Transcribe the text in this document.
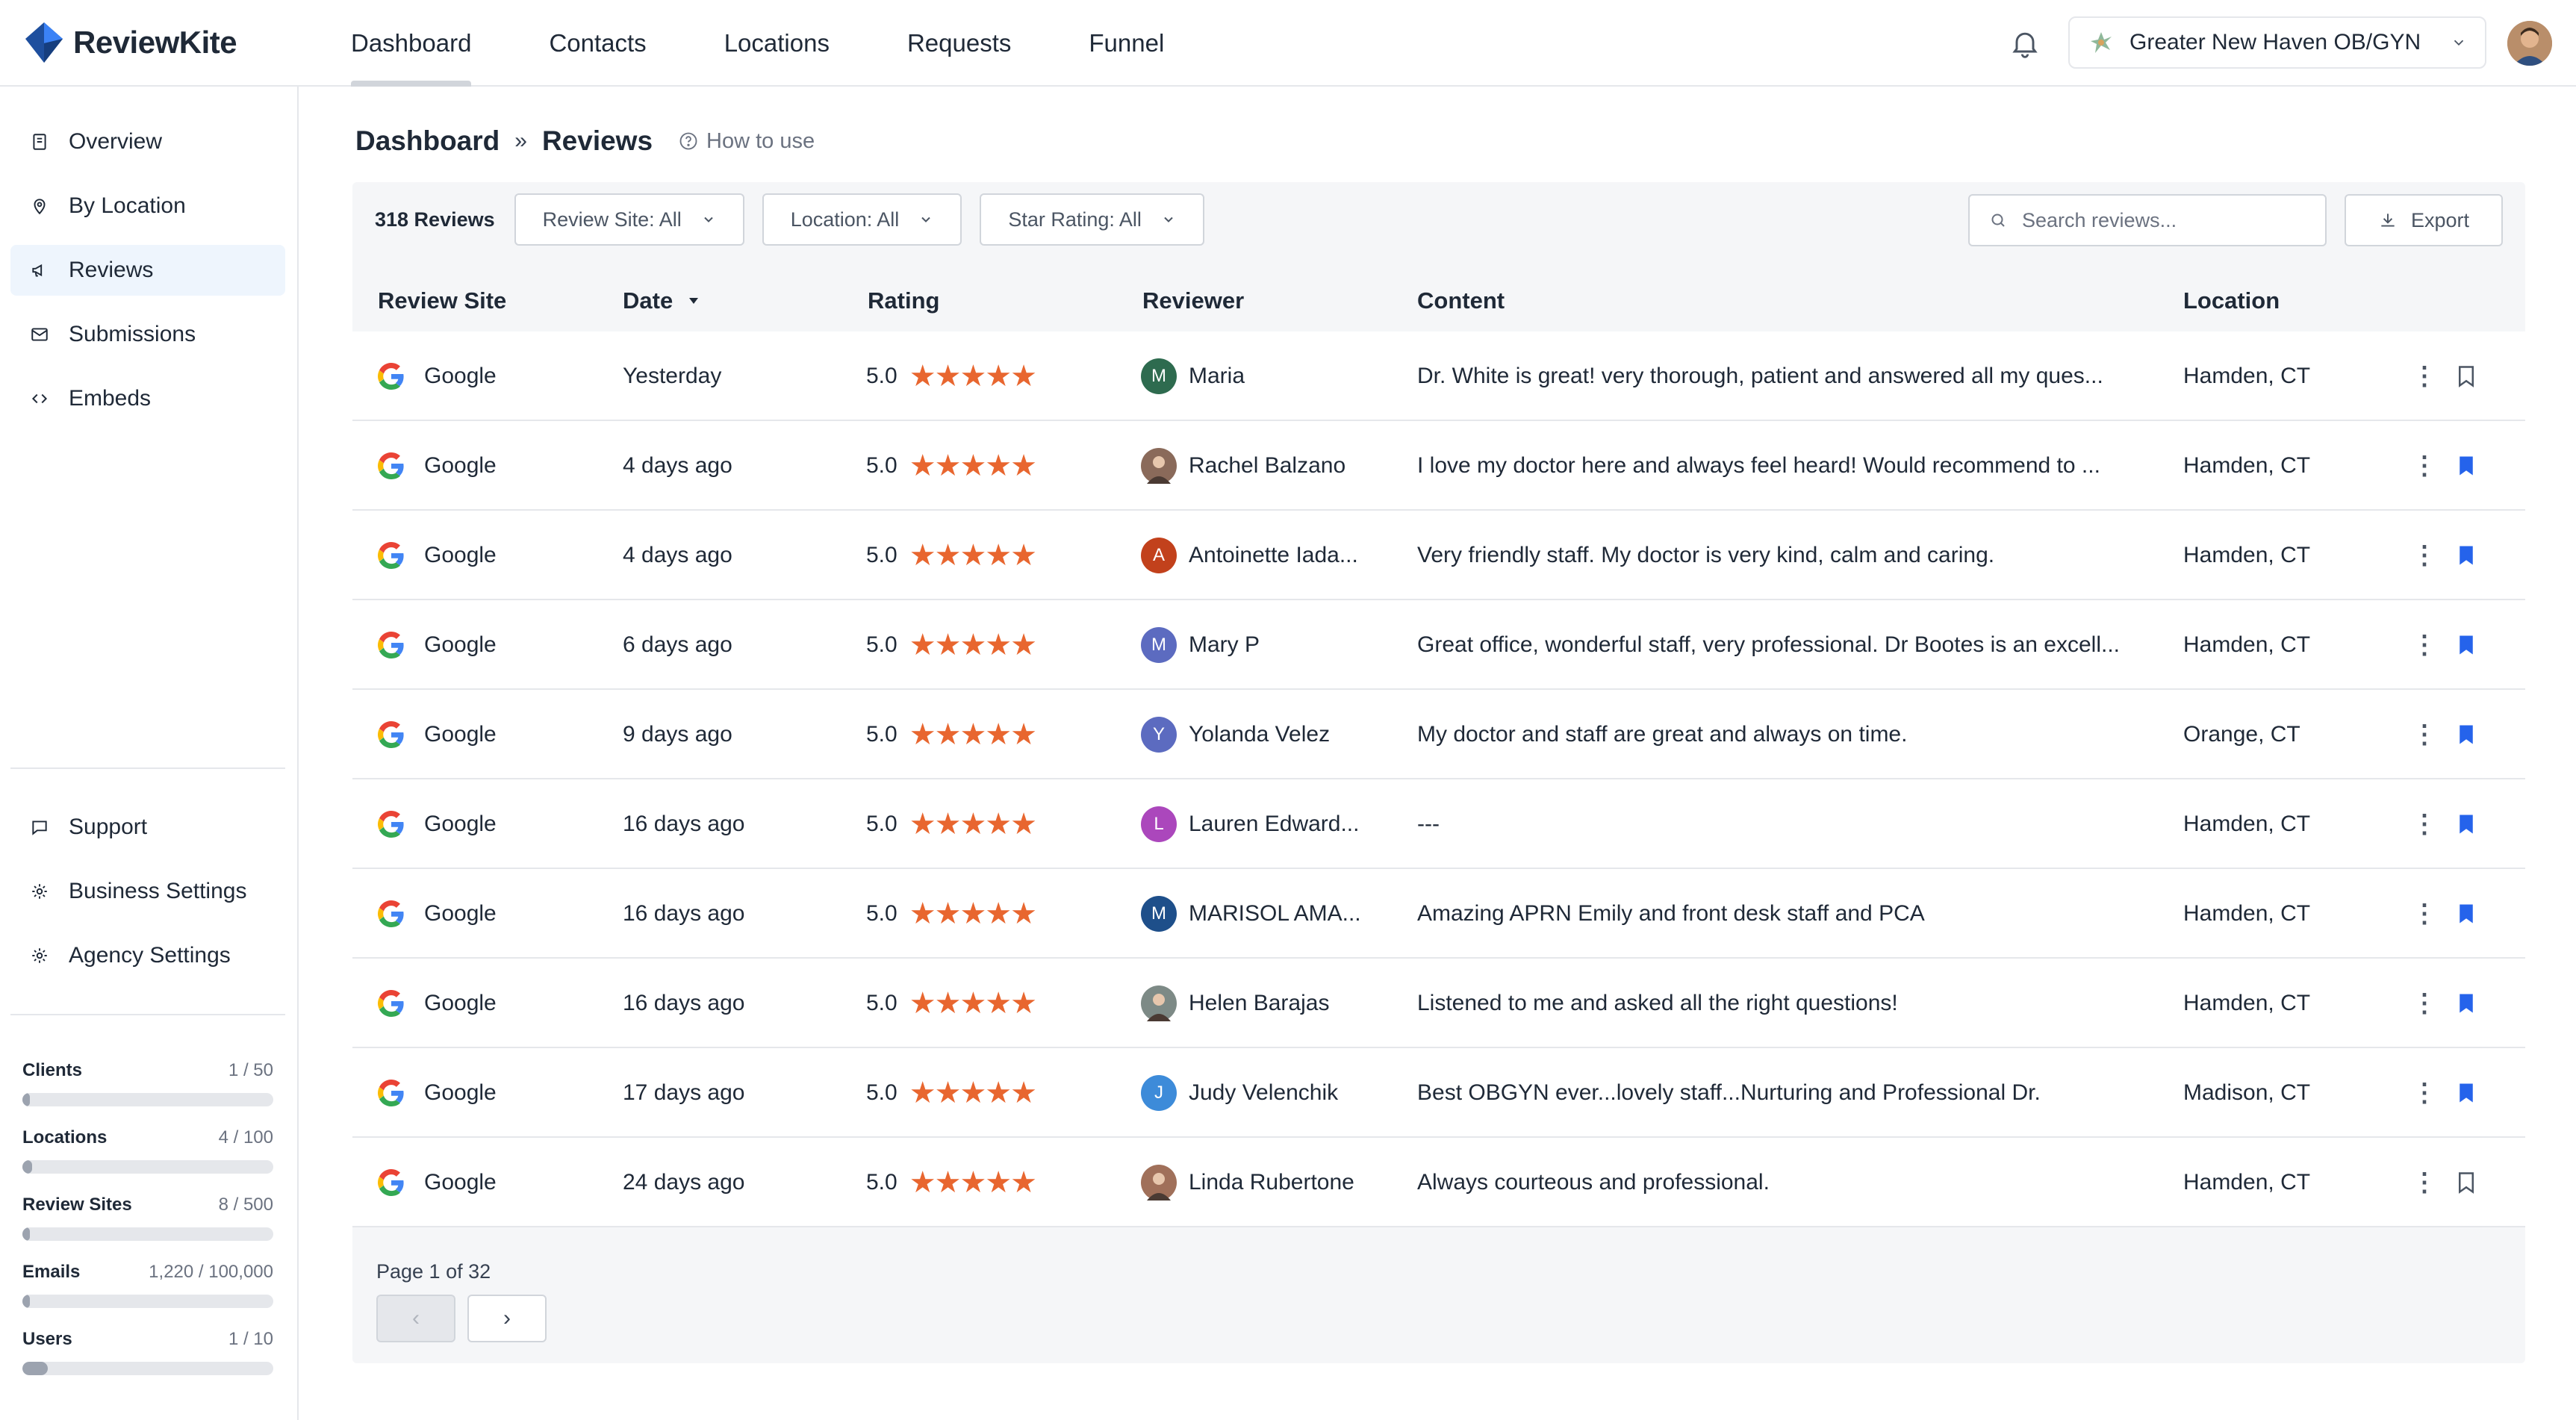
ReviewKite	Dashboard	Contacts	Locations	Requests	Funnel	Greater New Haven OB/GYN
Overview
By Location
Reviews
Submissions
Embeds
Support
Business Settings
Agency Settings
Clients	1 / 50
Locations	4 / 100
Review Sites	8 / 500
Emails	1,220 / 100,000
Users	1 / 10
Dashboard » Reviews How to use
318 Reviews Review Site: All	Location: All	Star Rating: All	Search reviews...	Export
Review Site	Date	Rating	Reviewer	Content	Location
Google	Yesterday	5.0 ★★★★★	M Maria	Dr. White is great! very thorough, patient and answered all my ques...	Hamden, CT	⋮
Google	4 days ago	5.0 ★★★★★	Rachel Balzano	I love my doctor here and always feel heard! Would recommend to ...	Hamden, CT	⋮
Google	4 days ago	5.0 ★★★★★	A Antoinette Iada...	Very friendly staff. My doctor is very kind, calm and caring.	Hamden, CT	⋮
Google	6 days ago	5.0 ★★★★★	M Mary P	Great office, wonderful staff, very professional. Dr Bootes is an excell...	Hamden, CT	⋮
Google	9 days ago	5.0 ★★★★★	Y Yolanda Velez	My doctor and staff are great and always on time.	Orange, CT	⋮
Google	16 days ago	5.0 ★★★★★	L Lauren Edward...	---	Hamden, CT	⋮
Google	16 days ago	5.0 ★★★★★	M MARISOL AMA...	Amazing APRN Emily and front desk staff and PCA	Hamden, CT	⋮
Google	16 days ago	5.0 ★★★★★	Helen Barajas	Listened to me and asked all the right questions!	Hamden, CT	⋮
Google	17 days ago	5.0 ★★★★★	J Judy Velenchik	Best OBGYN ever...lovely staff...Nurturing and Professional Dr.	Madison, CT	⋮
Google	24 days ago	5.0 ★★★★★	Linda Rubertone	Always courteous and professional.	Hamden, CT	⋮
Page 1 of 32
‹	›
